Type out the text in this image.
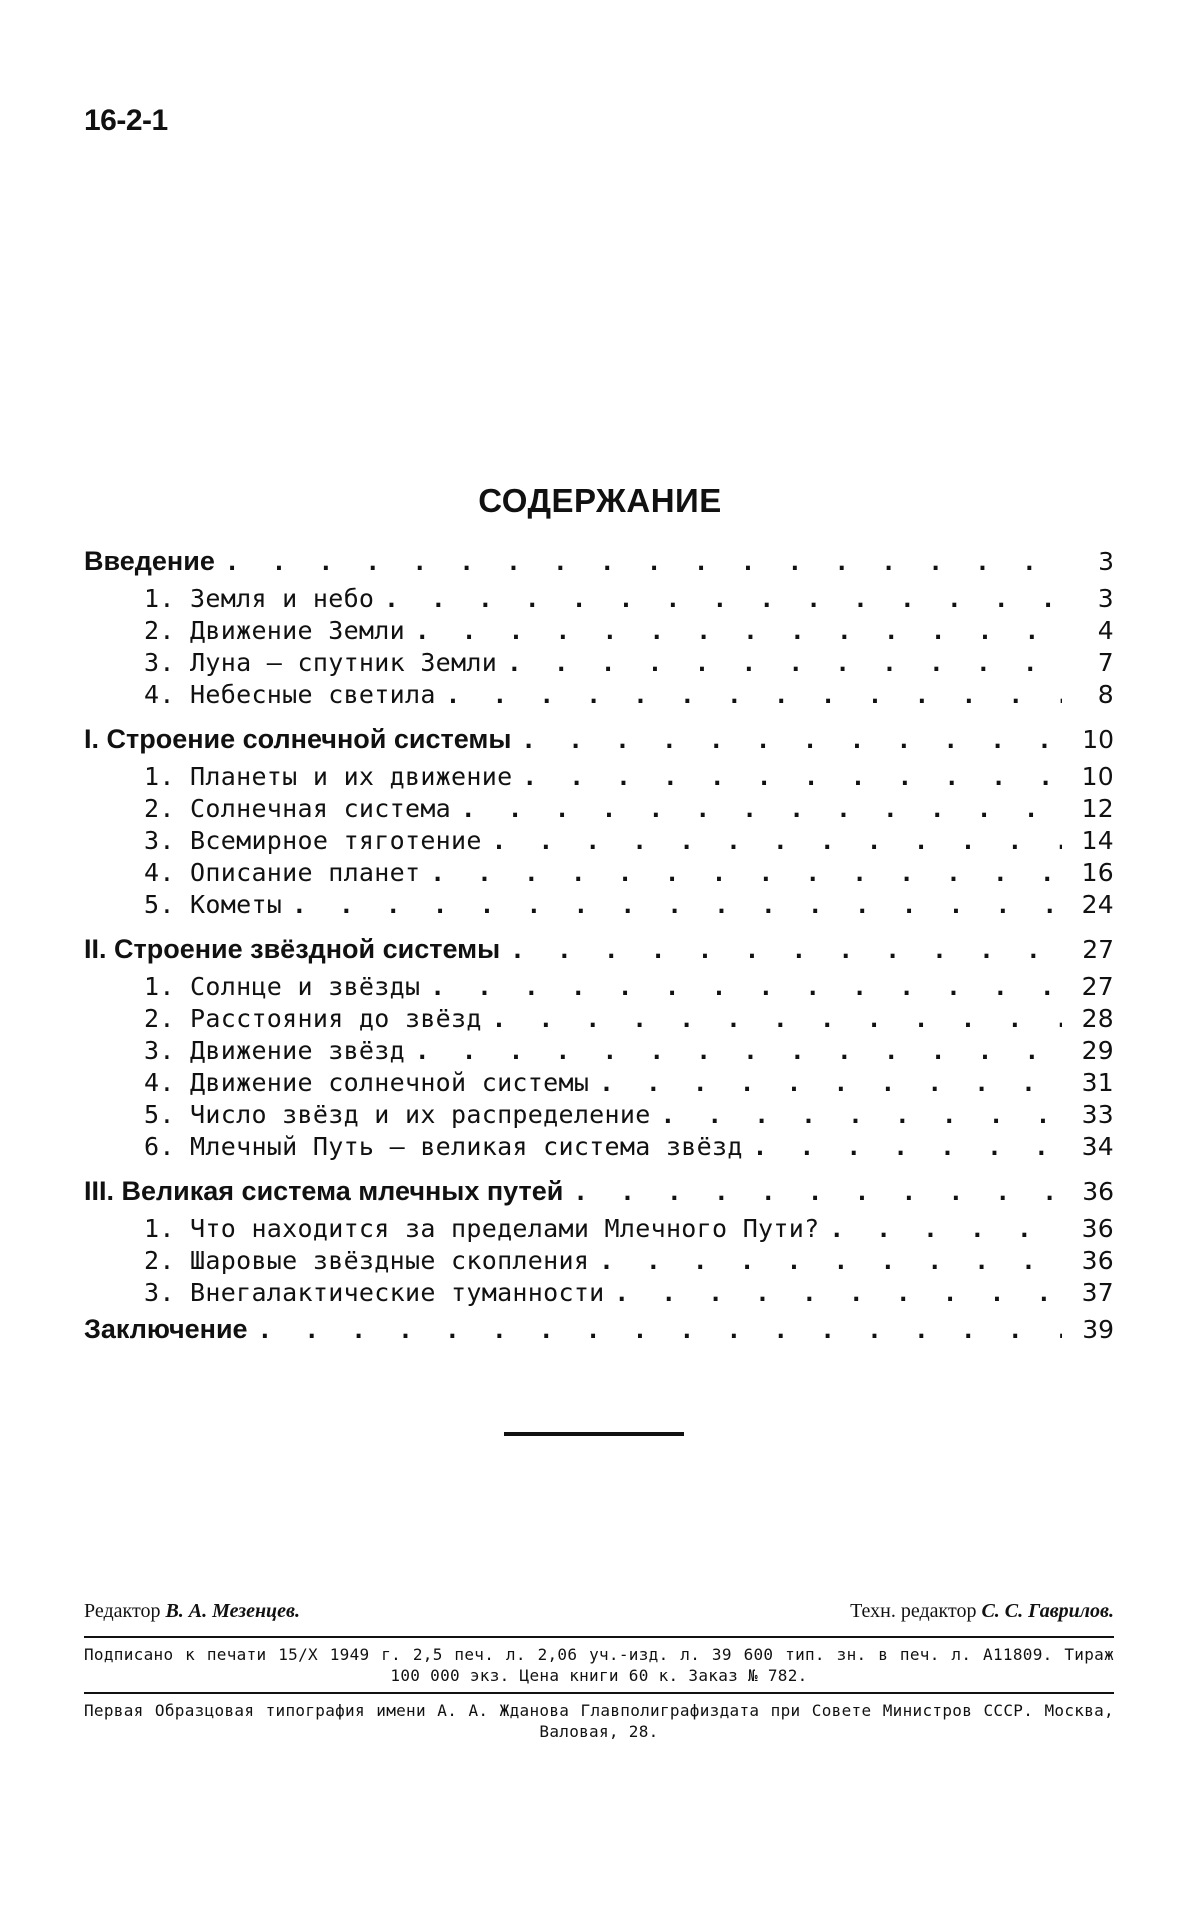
16-2-1
СОДЕРЖАНИЕ
Введение . . .	3
1. Земля и небо . . .	3
2. Движение Земли . . .	4
3. Луна — спутник Земли . . .	7
4. Небесные светила . . .	8
I. Строение солнечной системы . . .	10
1. Планеты и их движение . . .	10
2. Солнечная система . . .	12
3. Всемирное тяготение . . .	14
4. Описание планет . . .	16
5. Кометы . . .	24
II. Строение звёздной системы . . .	27
1. Солнце и звёзды . . .	27
2. Расстояния до звёзд . . .	28
3. Движение звёзд . . .	29
4. Движение солнечной системы . . .	31
5. Число звёзд и их распределение . . .	33
6. Млечный Путь — великая система звёзд . . .	34
III. Великая система млечных путей . . .	36
1. Что находится за пределами Млечного Пути? . . .	36
2. Шаровые звёздные скопления . . .	36
3. Внегалактические туманности . . .	37
Заключение . . .	39
Редактор В. А. Мезенцев.	Техн. редактор С. С. Гаврилов.
Подписано к печати 15/X 1949 г. 2,5 печ. л. 2,06 уч.-изд. л. 39 600 тип. зн. в печ. л. А11809. Тираж 100 000 экз. Цена книги 60 к. Заказ № 782.
Первая Образцовая типография имени А. А. Жданова Главполиграфиздата при Совете Министров СССР. Москва, Валовая, 28.
